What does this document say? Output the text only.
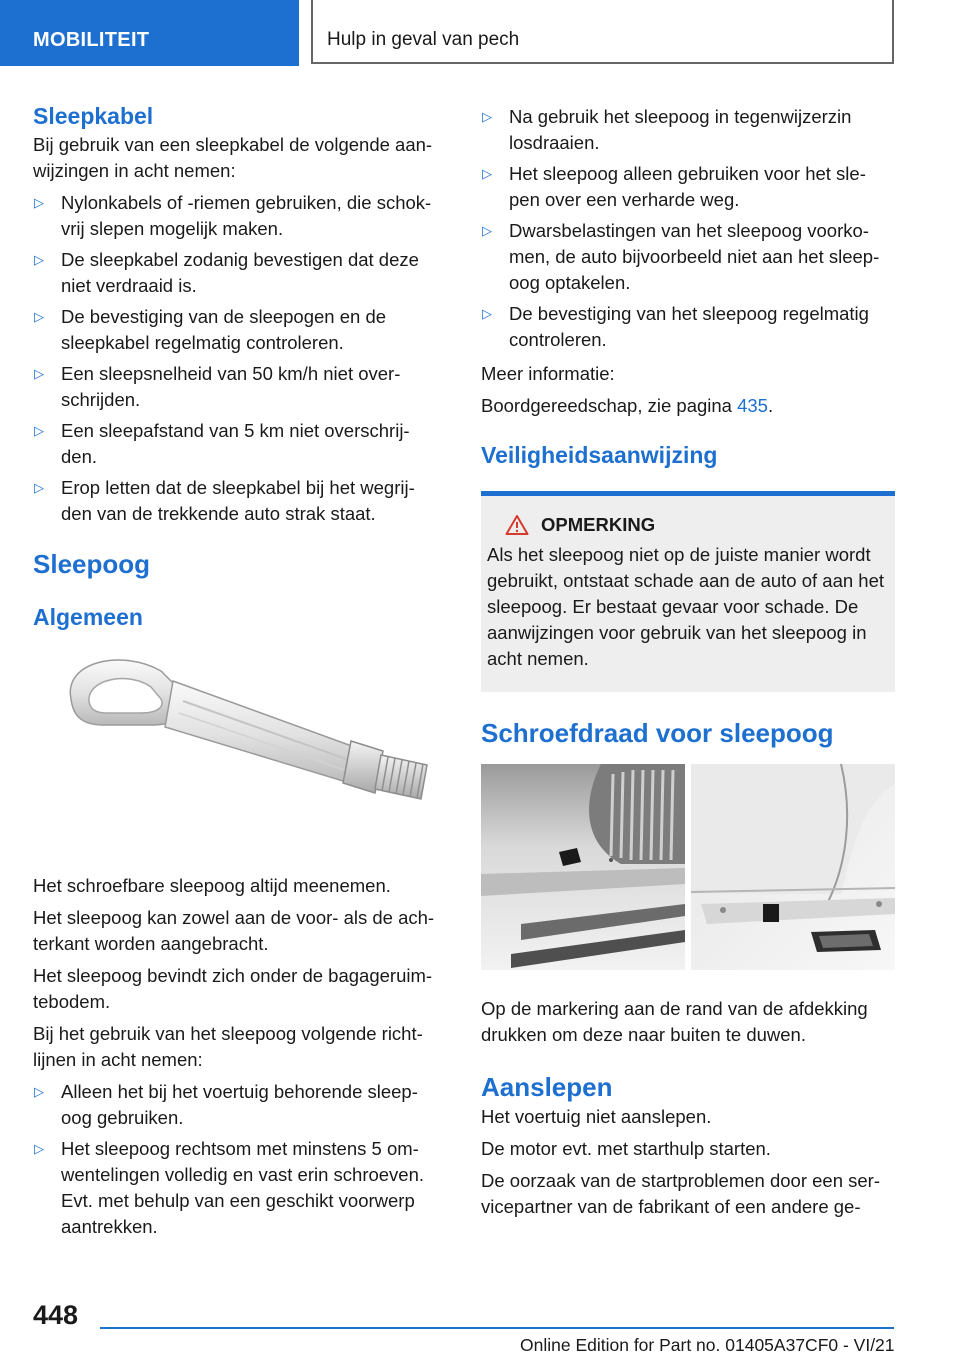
MOBILITEIT	Hulp in geval van pech
Sleepkabel

Bij gebruik van een sleepkabel de volgende aan-wijzingen in acht nemen:

▷ Nylonkabels of -riemen gebruiken, die schok-vrij slepen mogelijk maken.
▷ De sleepkabel zodanig bevestigen dat deze niet verdraaid is.
▷ De bevestiging van de sleepogen en de sleepkabel regelmatig controleren.
▷ Een sleepsnelheid van 50 km/h niet over-schrijden.
▷ Een sleepafstand van 5 km niet overschrij-den.
▷ Erop letten dat de sleepkabel bij het wegrij-den van de trekkende auto strak staat.
Sleepoog
Algemeen

Het schroefbare sleepoog altijd meenemen.

Het sleepoog kan zowel aan de voor- als de ach-terkant worden aangebracht.

Het sleepoog bevindt zich onder de bagageruim-tebodem.

Bij het gebruik van het sleepoog volgende richt-lijnen in acht nemen:

▷ Alleen het bij het voertuig behorende sleep-oog gebruiken.
▷ Het sleepoog rechtsom met minstens 5 om-wentelingen volledig en vast erin schroeven. Evt. met behulp van een geschikt voorwerp aantrekken.
▷ Na gebruik het sleepoog in tegenwijzerzin losdraaien.
▷ Het sleepoog alleen gebruiken voor het sle-pen over een verharde weg.
▷ Dwarsbelastingen van het sleepoog voorko-men, de auto bijvoorbeeld niet aan het sleep-oog optakelen.
▷ De bevestiging van het sleepoog regelmatig controleren.

Meer informatie:

Boordgereedschap, zie pagina 435.

Veiligheidsaanwijzing
OPMERKING

Als het sleepoog niet op de juiste manier wordt gebruikt, ontstaat schade aan de auto of aan het sleepoog. Er bestaat gevaar voor schade. De aanwijzingen voor gebruik van het sleepoog in acht nemen.

Schroefdraad voor sleepoog

Op de markering aan de rand van de afdekking drukken om deze naar buiten te duwen.

Aanslepen

Het voertuig niet aanslepen.

De motor evt. met starthulp starten.

De oorzaak van de startproblemen door een ser-vicepartner van de fabrikant of een andere ge-

448
Online Edition for Part no. 01405A37CF0 - VI/21
